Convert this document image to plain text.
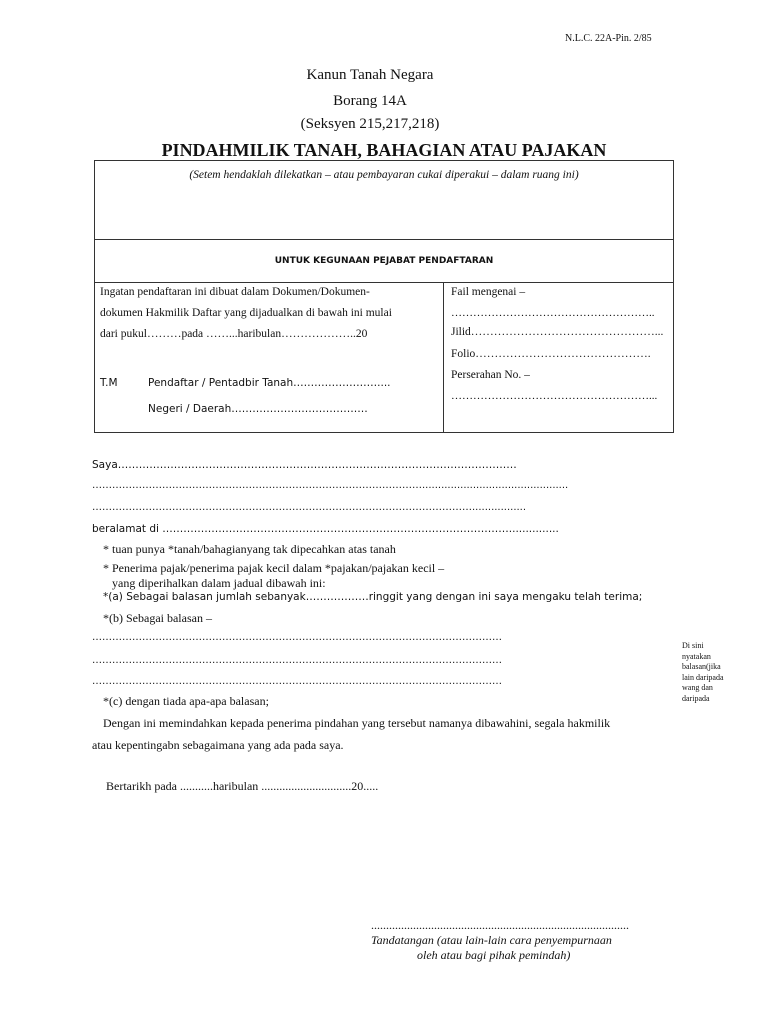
N.L.C. 22A-Pin. 2/85
Kanun Tanah Negara
Borang 14A
(Seksyen 215,217,218)
PINDAHMILIK TANAH, BAHAGIAN ATAU PAJAKAN
(Setem hendaklah dilekatkan – atau pembayaran cukai diperakui – dalam ruang ini)
UNTUK KEGUNAAN PEJABAT PENDAFTARAN
Ingatan pendaftaran ini dibuat dalam Dokumen/Dokumen-
dokumen Hakmilik Daftar yang dijadualkan di bawah ini mulai
dari pukul………pada ……...haribulan………………..20
T.M	Pendaftar / Pentadbir Tanah……………………....
Negeri / Daerah…………………………………
Fail mengenai –
………………………………………………..
Jilid…………………………………………...
Folio……………………………………….
Perserahan No. –
………………………………………………...
Saya……………………………………………………………………………………………………
………………………………………………………………………………………..............................................
…………………………………………………………………………………………………….................
beralamat di ………………………………………………………………………………………...............
* tuan punya *tanah/bahagianyang tak dipecahkan atas tanah
* Penerima pajak/penerima pajak kecil dalam *pajakan/pajakan kecil –
yang diperihalkan dalam jadual dibawah ini:
*(a) Sebagai balasan jumlah sebanyak………………ringgit yang dengan ini saya mengaku telah terima;
*(b) Sebagai balasan –
……………………………………………………………………………………………………………
……………………………………………………………………………………………………………
……………………………………………………………………………………………………………
*(c) dengan tiada apa-apa balasan;
Dengan ini memindahkan kepada penerima pindahan yang tersebut namanya dibawahini, segala hakmilik
atau kepentingabn sebagaimana yang ada pada saya.
Bertarikh pada ...........haribulan ..............................20.....
Di sini
nyatakan
balasan(jika
lain daripada
wang dan
daripada
......................................................................................
Tandatangan (atau lain-lain cara penyempurnaan
oleh atau bagi pihak pemindah)
